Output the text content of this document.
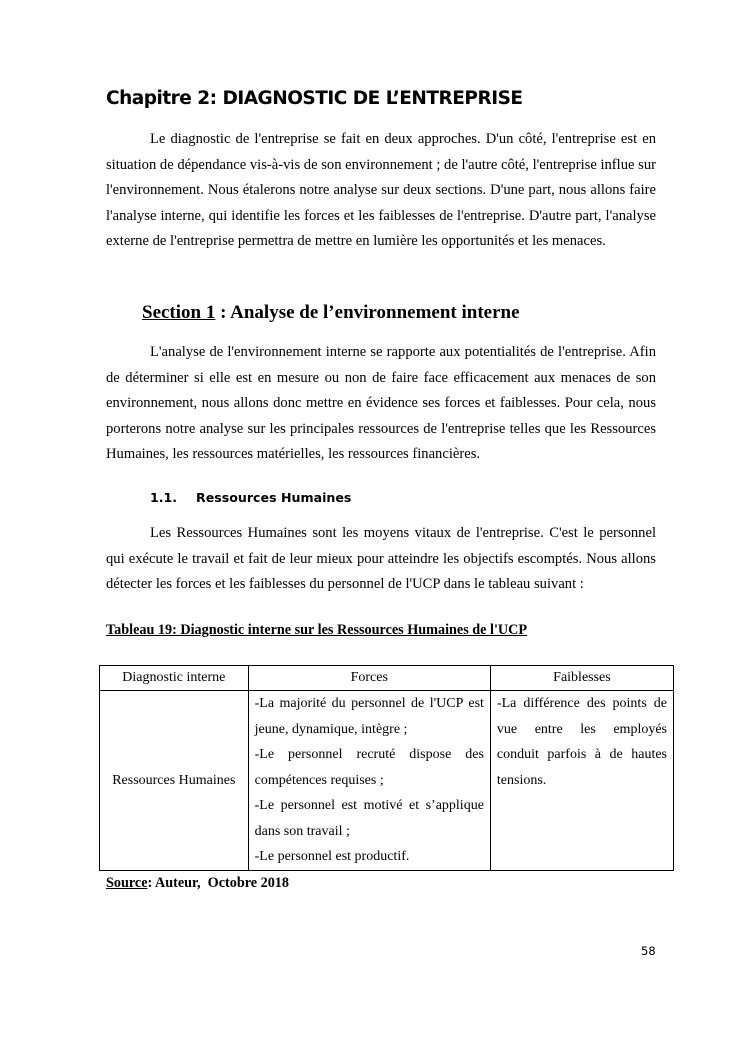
Chapitre 2: DIAGNOSTIC DE L’ENTREPRISE

Le diagnostic de l'entreprise se fait en deux approches. D'un côté, l'entreprise est en situation de dépendance vis-à-vis de son environnement ; de l'autre côté, l'entreprise influe sur l'environnement. Nous étalerons notre analyse sur deux sections. D'une part, nous allons faire l'analyse interne, qui identifie les forces et les faiblesses de l'entreprise. D'autre part, l'analyse externe de l'entreprise permettra de mettre en lumière les opportunités et les menaces.

Section 1 : Analyse de l’environnement interne

L'analyse de l'environnement interne se rapporte aux potentialités de l'entreprise. Afin de déterminer si elle est en mesure ou non de faire face efficacement aux menaces de son environnement, nous allons donc mettre en évidence ses forces et faiblesses. Pour cela, nous porterons notre analyse sur les principales ressources de l'entreprise telles que les Ressources Humaines, les ressources matérielles, les ressources financières.

1.1. Ressources Humaines

Les Ressources Humaines sont les moyens vitaux de l'entreprise. C'est le personnel qui exécute le travail et fait de leur mieux pour atteindre les objectifs escomptés. Nous allons détecter les forces et les faiblesses du personnel de l'UCP dans le tableau suivant :

Tableau 19: Diagnostic interne sur les Ressources Humaines de l'UCP

Diagnostic interne	Forces	Faiblesses
Ressources Humaines	-La majorité du personnel de l'UCP est jeune, dynamique, intègre ;
-Le personnel recruté dispose des compétences requises ;
-Le personnel est motivé et s’applique dans son travail ;
-Le personnel est productif.	-La différence des points de vue entre les employés conduit parfois à de hautes tensions.

Source: Auteur,  Octobre 2018

58
